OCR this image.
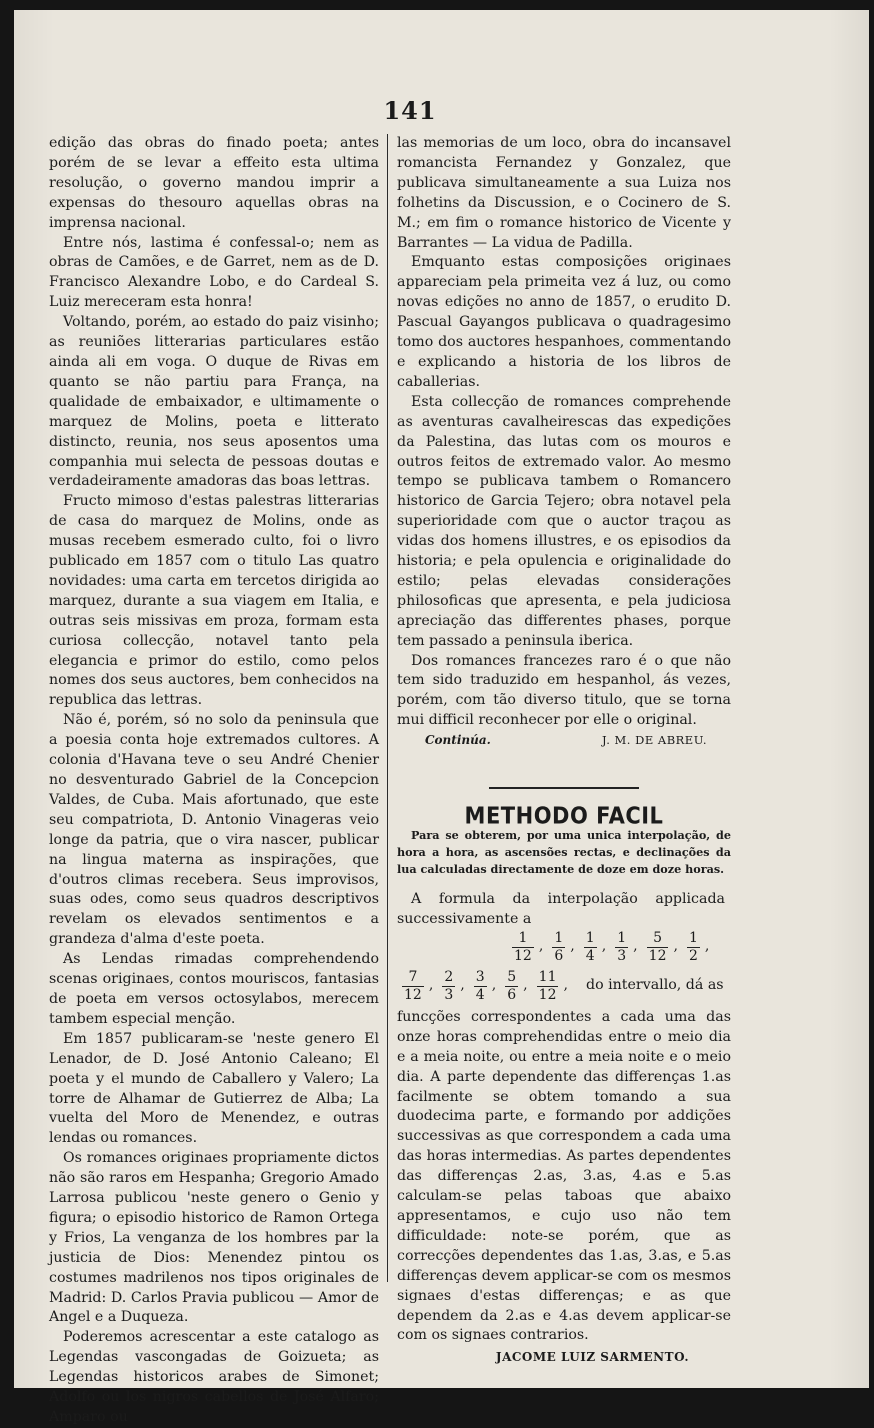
141

edição das obras do finado poeta; antes porém de se levar a effeito esta ultima resolução, o governo mandou imprir a expensas do thesouro aquellas obras na imprensa nacional.

Entre nós, lastima é confessal-o; nem as obras de Camões, e de Garret, nem as de D. Francisco Alexandre Lobo, e do Cardeal S. Luiz mereceram esta honra!

Voltando, porém, ao estado do paiz visinho; as reuniões litterarias particulares estão ainda ali em voga. O duque de Rivas em quanto se não partiu para França, na qualidade de embaixador, e ultimamente o marquez de Molins, poeta e litterato distincto, reunia, nos seus aposentos uma companhia mui selecta de pessoas doutas e verdadeiramente amadoras das boas lettras.

Fructo mimoso d'estas palestras litterarias de casa do marquez de Molins, onde as musas recebem esmerado culto, foi o livro publicado em 1857 com o titulo Las quatro novidades: uma carta em tercetos dirigida ao marquez, durante a sua viagem em Italia, e outras seis missivas em proza, formam esta curiosa collecção, notavel tanto pela elegancia e primor do estilo, como pelos nomes dos seus auctores, bem conhecidos na republica das lettras.

Não é, porém, só no solo da peninsula que a poesia conta hoje extremados cultores. A colonia d'Havana teve o seu André Chenier no desventurado Gabriel de la Concepcion Valdes, de Cuba. Mais afortunado, que este seu compatriota, D. Antonio Vinageras veio longe da patria, que o vira nascer, publicar na lingua materna as inspirações, que d'outros climas recebera. Seus improvisos, suas odes, como seus quadros descriptivos revelam os elevados sentimentos e a grandeza d'alma d'este poeta.

As Lendas rimadas comprehendendo scenas originaes, contos mouriscos, fantasias de poeta em versos octosylabos, merecem tambem especial menção.

Em 1857 publicaram-se 'neste genero El Lenador, de D. José Antonio Caleano; El poeta y el mundo de Caballero y Valero; La torre de Alhamar de Gutierrez de Alba; La vuelta del Moro de Menendez, e outras lendas ou romances.

Os romances originaes propriamente dictos não são raros em Hespanha; Gregorio Amado Larrosa publicou 'neste genero o Genio y figura; o episodio historico de Ramon Ortega y Frios, La venganza de los hombres par la justicia de Dios: Menendez pintou os costumes madrilenos nos tipos originales de Madrid: D. Carlos Pravia publicou — Amor de Angel e a Duqueza.

Poderemos acrescentar a este catalogo as Legendas vascongadas de Goizueta; as Legendas historicos arabes de Simonet; Adolfo ou los nigros cabellos de José Alfaro; Amparo ou

las memorias de um loco, obra do incansavel romancista Fernandez y Gonzalez, que publicava simultaneamente a sua Luiza nos folhetins da Discussion, e o Cocinero de S. M.; em fim o romance historico de Vicente y Barrantes — La vidua de Padilla.

Emquanto estas composições originaes appareciam pela primeita vez á luz, ou como novas edições no anno de 1857, o erudito D. Pascual Gayangos publicava o quadragesimo tomo dos auctores hespanhoes, commentando e explicando a historia de los libros de caballerias.

Esta collecção de romances comprehende as aventuras cavalheirescas das expedições da Palestina, das lutas com os mouros e outros feitos de extremado valor. Ao mesmo tempo se publicava tambem o Romancero historico de Garcia Tejero; obra notavel pela superioridade com que o auctor traçou as vidas dos homens illustres, e os episodios da historia; e pela opulencia e originalidade do estilo; pelas elevadas considerações philosoficas que apresenta, e pela judiciosa apreciação das differentes phases, porque tem passado a peninsula iberica.

Dos romances francezes raro é o que não tem sido traduzido em hespanhol, ás vezes, porém, com tão diverso titulo, que se torna mui difficil reconhecer por elle o original.

Continúa.	J. M. DE ABREU.
METHODO FACIL

Para se obterem, por uma unica interpolação, de hora a hora, as ascensões rectas, e declinações da lua calculadas directamente de doze em doze horas.

A formula da interpolação applicada successivamente a
$\frac{1}{12}$ , $\frac{1}{6}$ , $\frac{1}{4}$ , $\frac{1}{3}$ , $\frac{5}{12}$ , $\frac{1}{2}$ ,
$\frac{7}{12}$ , $\frac{2}{3}$ , $\frac{3}{4}$ , $\frac{5}{6}$ , $\frac{11}{12}$ , do intervallo, dá as

funcções correspondentes a cada uma das onze horas comprehendidas entre o meio dia e a meia noite, ou entre a meia noite e o meio dia. A parte dependente das differenças 1.as facilmente se obtem tomando a sua duodecima parte, e formando por addições successivas as que correspondem a cada uma das horas intermedias. As partes dependentes das differenças 2.as, 3.as, 4.as e 5.as calculam-se pelas taboas que abaixo appresentamos, e cujo uso não tem difficuldade: note-se porém, que as correcções dependentes das 1.as, 3.as, e 5.as differenças devem applicar-se com os mesmos signaes d'estas differenças; e as que dependem da 2.as e 4.as devem applicar-se com os signaes contrarios.

JACOME LUIZ SARMENTO.
